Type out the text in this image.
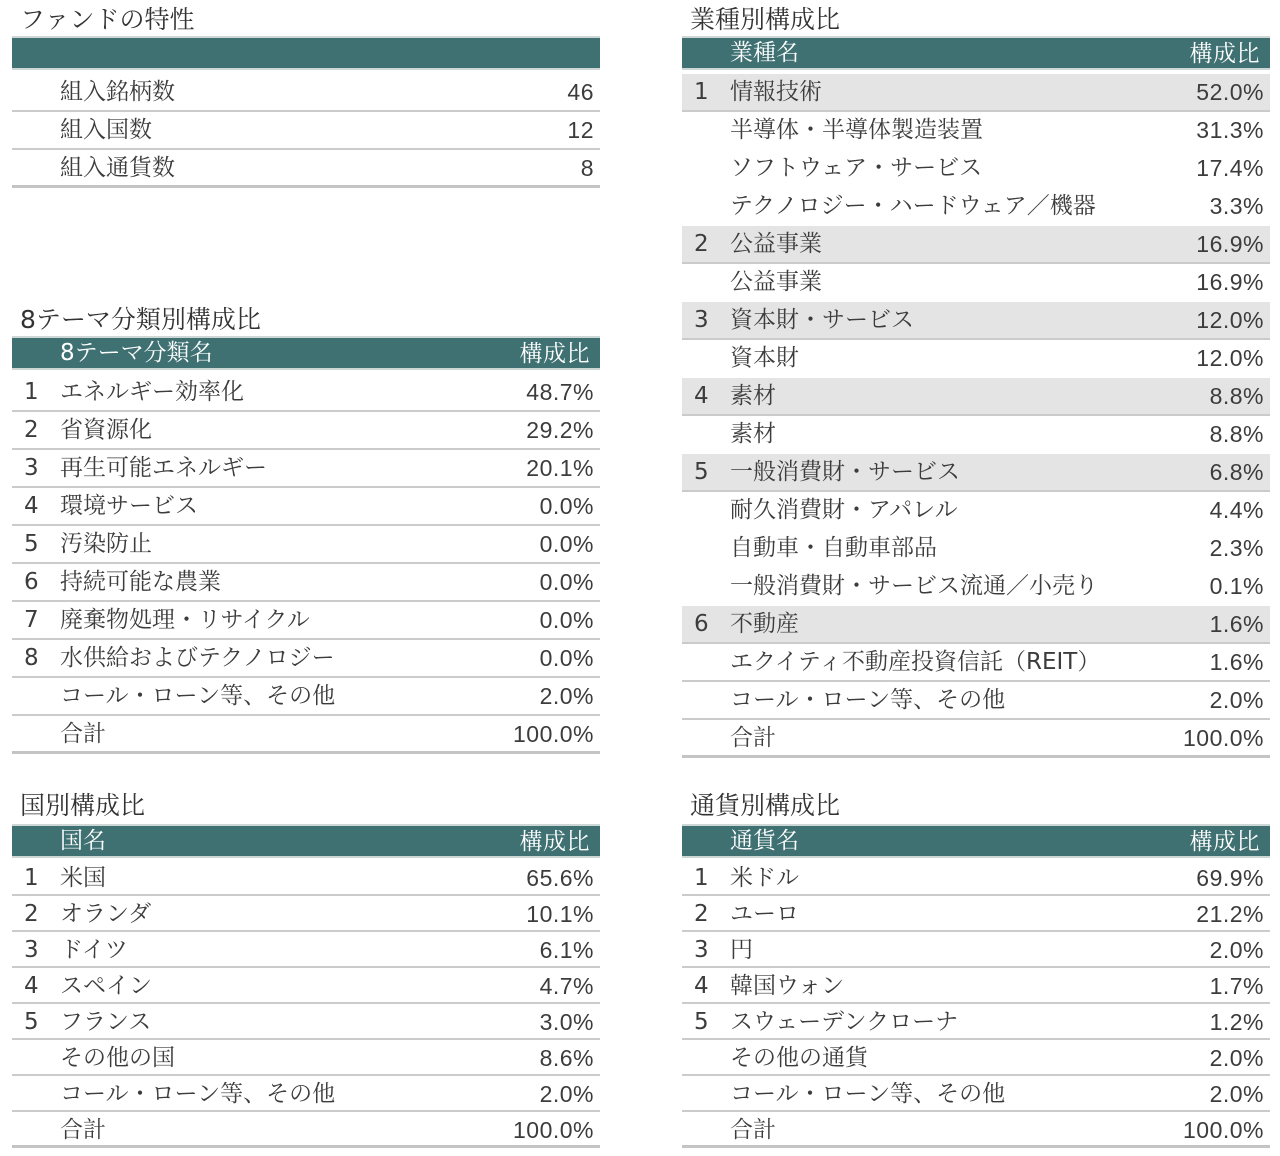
ファンドの特性
組入銘柄数	46
組入国数	12
組入通貨数	8
8テーマ分類別構成比
8テーマ分類名	構成比
1 エネルギー効率化	48.7%
2 省資源化	29.2%
3 再生可能エネルギー	20.1%
4 環境サービス	0.0%
5 汚染防止	0.0%
6 持続可能な農業	0.0%
7 廃棄物処理・リサイクル	0.0%
8 水供給およびテクノロジー	0.0%
コール・ローン等、その他	2.0%
合計	100.0%
国別構成比
国名	構成比
1 米国	65.6%
2 オランダ	10.1%
3 ドイツ	6.1%
4 スペイン	4.7%
5 フランス	3.0%
その他の国	8.6%
コール・ローン等、その他	2.0%
合計	100.0%
業種別構成比
業種名	構成比
1 情報技術	52.0%
半導体・半導体製造装置	31.3%
ソフトウェア・サービス	17.4%
テクノロジー・ハードウェア／機器	3.3%
2 公益事業	16.9%
公益事業	16.9%
3 資本財・サービス	12.0%
資本財	12.0%
4 素材	8.8%
素材	8.8%
5 一般消費財・サービス	6.8%
耐久消費財・アパレル	4.4%
自動車・自動車部品	2.3%
一般消費財・サービス流通／小売り	0.1%
6 不動産	1.6%
エクイティ不動産投資信託（REIT）	1.6%
コール・ローン等、その他	2.0%
合計	100.0%
通貨別構成比
通貨名	構成比
1 米ドル	69.9%
2 ユーロ	21.2%
3 円	2.0%
4 韓国ウォン	1.7%
5 スウェーデンクローナ	1.2%
その他の通貨	2.0%
コール・ローン等、その他	2.0%
合計	100.0%
